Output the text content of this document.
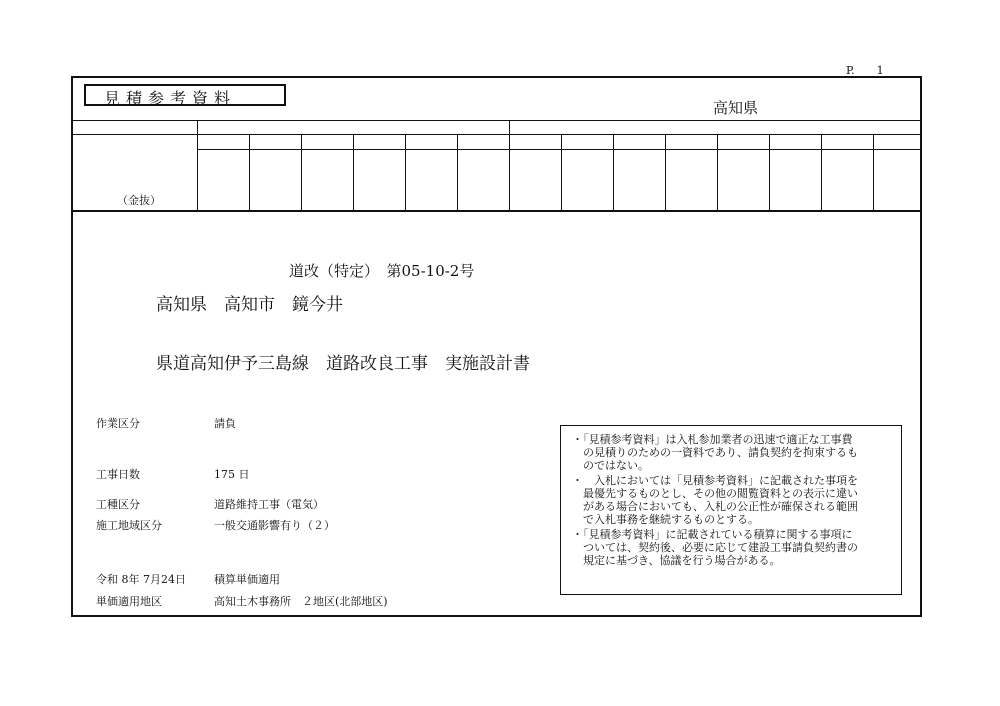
P.　　1
見積参考資料	高知県
（金抜）
道改（特定）　第05-10-2号
高知県　高知市　鏡今井
県道高知伊予三島線　道路改良工事　実施設計書
作業区分	請負
工事日数	175 日
工種区分	道路維持工事（電気）
施工地域区分	一般交通影響有り（２）
令和 8年 7月24日	積算単価適用
単価適用地区	高知土木事務所　２地区(北部地区)
・「見積参考資料」は入札参加業者の迅速で適正な工事費
　の見積りのための一資料であり、請負契約を拘束するも
　のではない。
・　入札においては「見積参考資料」に記載された事項を
　最優先するものとし、その他の閲覧資料との表示に違い
　がある場合においても、入札の公正性が確保される範囲
　で入札事務を継続するものとする。
・「見積参考資料」に記載されている積算に関する事項に
　ついては、契約後、必要に応じて建設工事請負契約書の
　規定に基づき、協議を行う場合がある。
